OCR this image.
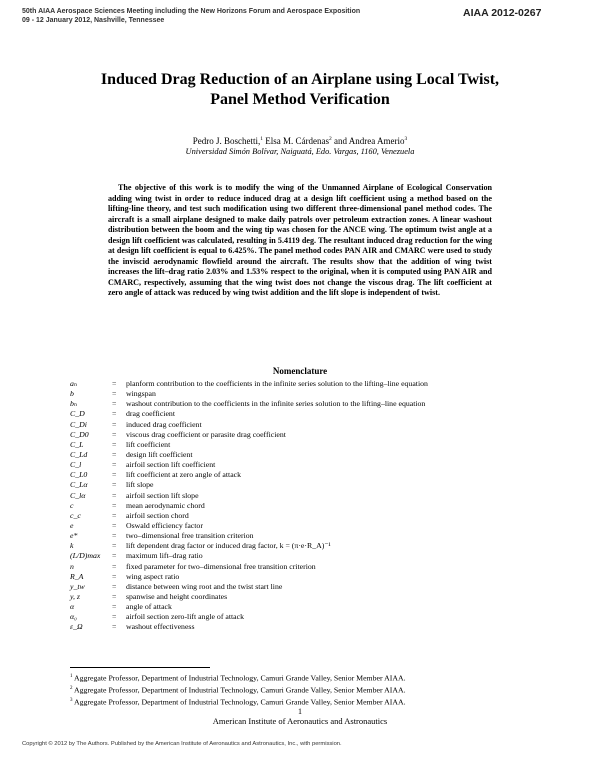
50th AIAA Aerospace Sciences Meeting including the New Horizons Forum and Aerospace Exposition
09 - 12 January 2012, Nashville, Tennessee
AIAA 2012-0267
Induced Drag Reduction of an Airplane using Local Twist,
Panel Method Verification
Pedro J. Boschetti,$^1$ Elsa M. Cárdenas$^2$ and Andrea Amerio$^3$
Universidad Simón Bolívar, Naiguatá, Edo. Vargas, 1160, Venezuela

The objective of this work is to modify the wing of the Unmanned Airplane of Ecological Conservation adding wing twist in order to reduce induced drag at a design lift coefficient using a method based on the lifting-line theory, and test such modification using two different three-dimensional panel method codes. The aircraft is a small airplane designed to make daily patrols over petroleum extraction zones. A linear washout distribution between the boom and the wing tip was chosen for the ANCE wing. The optimum twist angle at a design lift coefficient was calculated, resulting in 5.4119 deg. The resultant induced drag reduction for the wing at design lift coefficient is equal to 6.425%. The panel method codes PAN AIR and CMARC were used to study the inviscid aerodynamic flowfield around the aircraft. The results show that the addition of wing twist increases the lift–drag ratio 2.03% and 1.53% respect to the original, when it is computed using PAN AIR and CMARC, respectively, assuming that the wing twist does not change the viscous drag. The lift coefficient at zero angle of attack was reduced by wing twist addition and the lift slope is independent of twist.

Nomenclature
aₙ	=	planform contribution to the coefficients in the infinite series solution to the lifting–line equation
b	=	wingspan
bₙ	=	washout contribution to the coefficients in the infinite series solution to the lifting–line equation
C_D	=	drag coefficient
C_Di	=	induced drag coefficient
C_D0	=	viscous drag coefficient or parasite drag coefficient
C_L	=	lift coefficient
C_Ld	=	design lift coefficient
C_l	=	airfoil section lift coefficient
C_L0	=	lift coefficient at zero angle of attack
C_Lα	=	lift slope
C_lα	=	airfoil section lift slope
c	=	mean aerodynamic chord
c_c	=	airfoil section chord
e	=	Oswald efficiency factor
e*	=	two–dimensional free transition criterion
k	=	lift dependent drag factor or induced drag factor, k = (π·e·R_A)⁻¹
(L/D)max	=	maximum lift–drag ratio
n	=	fixed parameter for two–dimensional free transition criterion
R_A	=	wing aspect ratio
y_tw	=	distance between wing root and the twist start line
y, z	=	spanwise and height coordinates
α	=	angle of attack
α₀	=	airfoil section zero-lift angle of attack
ε_Ω	=	washout effectiveness
$^1$ Aggregate Professor, Department of Industrial Technology, Camuri Grande Valley, Senior Member AIAA.
$^2$ Aggregate Professor, Department of Industrial Technology, Camuri Grande Valley, Senior Member AIAA.
$^3$ Aggregate Professor, Department of Industrial Technology, Camuri Grande Valley, Senior Member AIAA.
1
American Institute of Aeronautics and Astronautics
Copyright © 2012 by The Authors. Published by the American Institute of Aeronautics and Astronautics, Inc., with permission.
